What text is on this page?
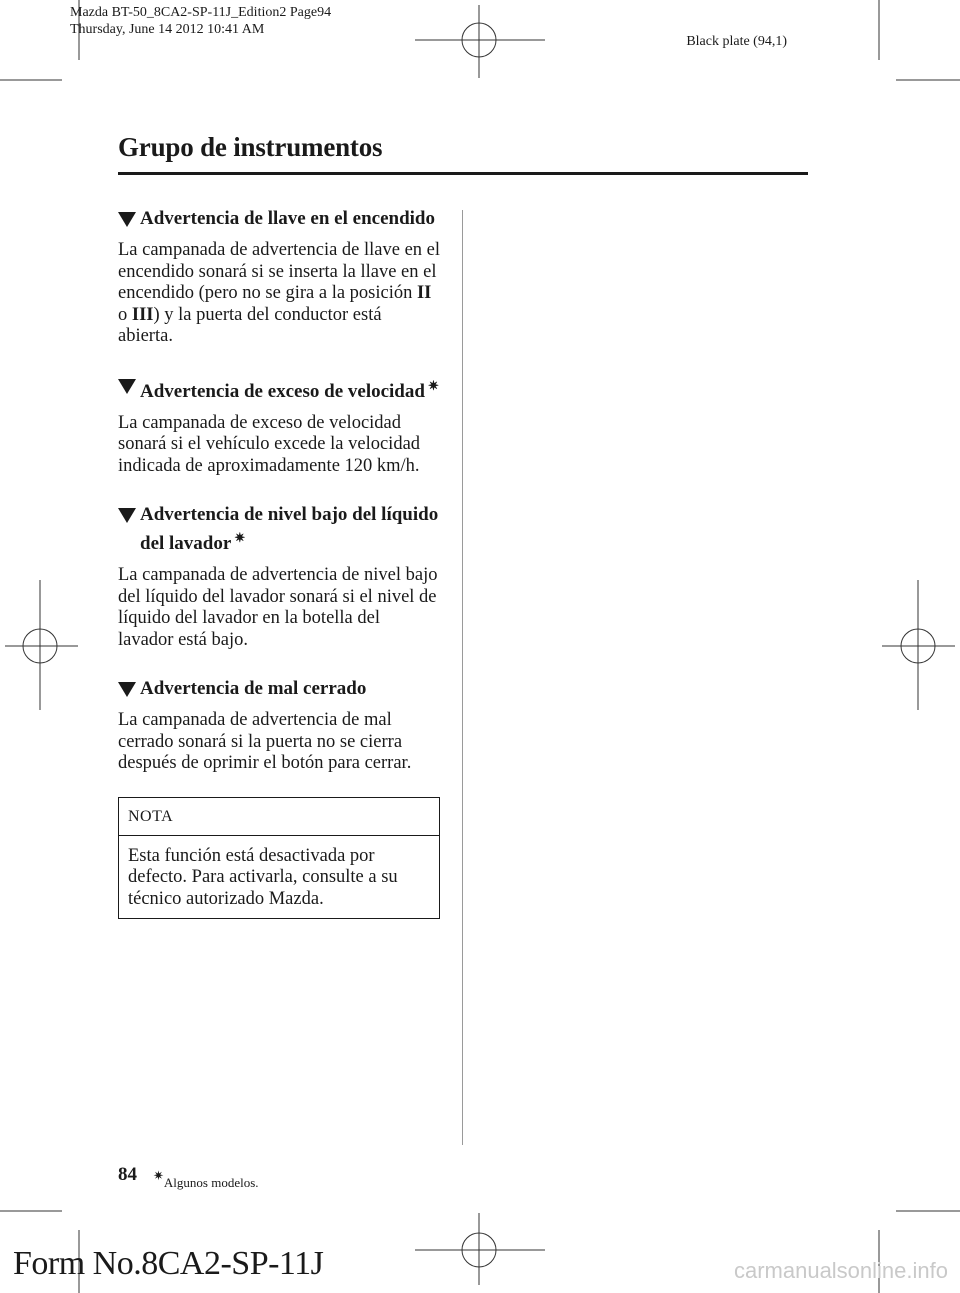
Mazda BT-50_8CA2-SP-11J_Edition2 Page94
Thursday, June 14 2012 10:41 AM
Black plate (94,1)
Grupo de instrumentos
Advertencia de llave en el encendido

La campanada de advertencia de llave en el encendido sonará si se inserta la llave en el encendido (pero no se gira a la posición II o III) y la puerta del conductor está abierta.

Advertencia de exceso de velocidad ✷

La campanada de exceso de velocidad sonará si el vehículo excede la velocidad indicada de aproximadamente 120 km/h.

Advertencia de nivel bajo del líquido del lavador ✷

La campanada de advertencia de nivel bajo del líquido del lavador sonará si el nivel de líquido del lavador en la botella del lavador está bajo.

Advertencia de mal cerrado

La campanada de advertencia de mal cerrado sonará si la puerta no se cierra después de oprimir el botón para cerrar.

NOTA
Esta función está desactivada por defecto. Para activarla, consulte a su técnico autorizado Mazda.
84 ✷Algunos modelos.
Form No.8CA2-SP-11J	carmanualsonline.info
